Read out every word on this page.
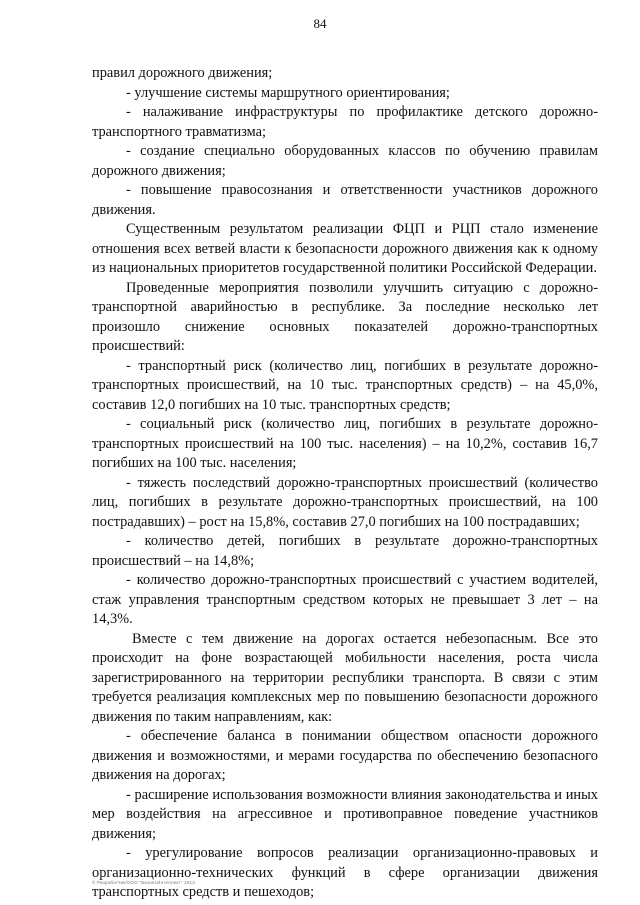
84

правил дорожного движения;

- улучшение системы маршрутного ориентирования;

- налаживание инфраструктуры по профилактике детского дорожно-транспортного травматизма;

- создание специально оборудованных классов по обучению правилам дорожного движения;

- повышение правосознания и ответственности участников дорожного движения.

Существенным результатом реализации ФЦП и РЦП стало изменение отношения всех ветвей власти к безопасности дорожного движения как к одному из национальных приоритетов государственной политики Российской Федерации.

Проведенные мероприятия позволили улучшить ситуацию с дорожно-транспортной аварийностью в республике. За последние несколько лет произошло снижение основных показателей дорожно-транспортных происшествий:

- транспортный риск (количество лиц, погибших в результате дорожно-транспортных происшествий, на 10 тыс. транспортных средств) – на 45,0%, составив 12,0 погибших на 10 тыс. транспортных средств;

- социальный риск (количество лиц, погибших в результате дорожно-транспортных происшествий на 100 тыс. населения) – на 10,2%, составив 16,7 погибших на 100 тыс. населения;

- тяжесть последствий дорожно-транспортных происшествий (количество лиц, погибших в результате дорожно-транспортных происшествий, на 100 пострадавших) – рост на 15,8%, составив 27,0 погибших на 100 пострадавших;

- количество детей, погибших в результате дорожно-транспортных происшествий – на 14,8%;

- количество дорожно-транспортных происшествий с участием водителей, стаж управления транспортным средством которых не превышает 3 лет – на 14,3%.

Вместе с тем движение на дорогах остается небезопасным. Все это происходит на фоне возрастающей мобильности населения, роста числа зарегистрированного на территории республики транспорта. В связи с этим требуется реализация комплексных мер по повышению безопасности дорожного движения по таким направлениям, как:

- обеспечение баланса в понимании обществом опасности дорожного движения и возможностями, и мерами государства по обеспечению безопасного движения на дорогах;

- расширение использования возможности влияния законодательства и иных мер воздействия на агрессивное и противоправное поведение участников движения;

- урегулирование вопросов реализации организационно-правовых и организационно-технических функций в сфере организации движения транспортных средств и пешеходов;

© Разработчик/ООО "БизнесИнтеллект" 2013
